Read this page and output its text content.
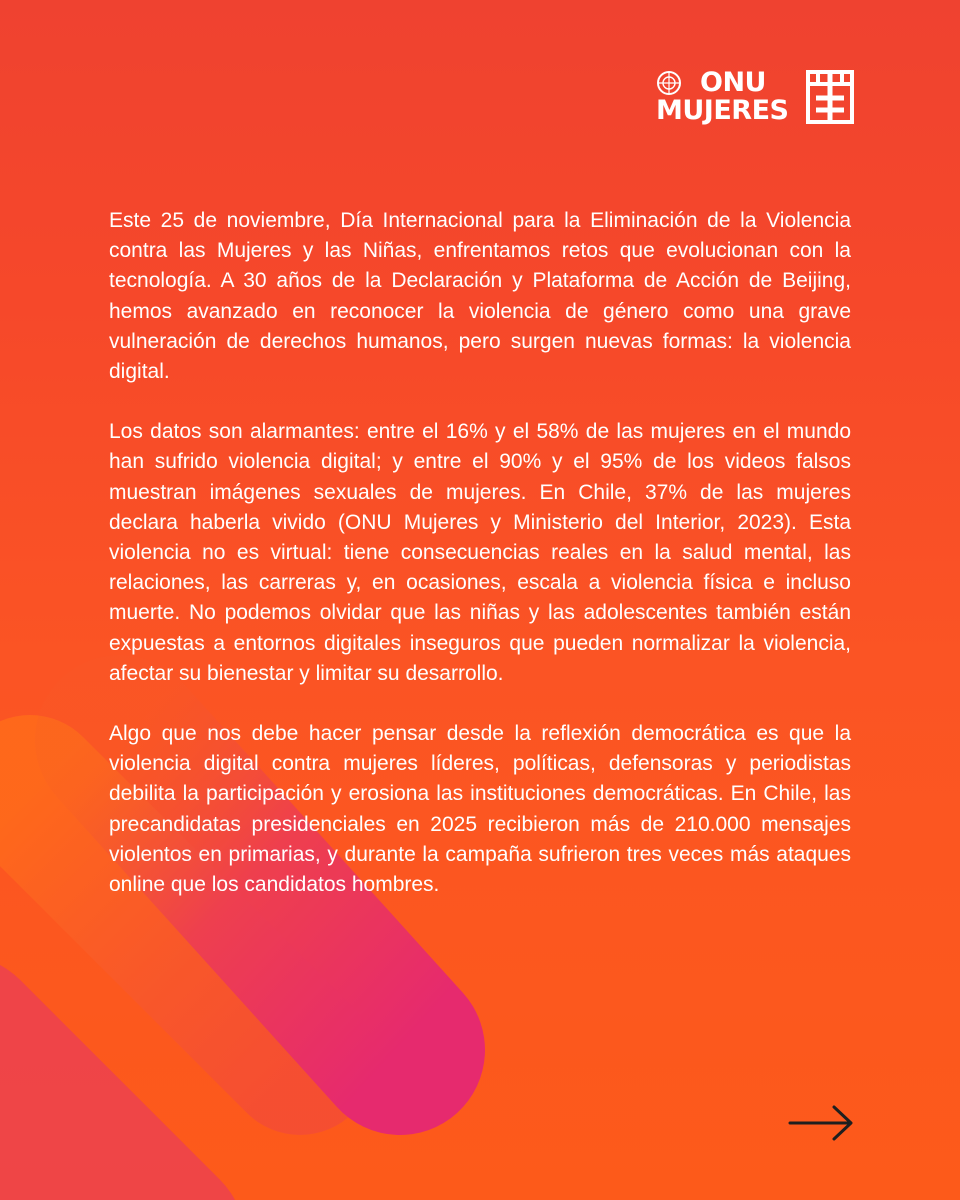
ONU
MUJERES

Este 25 de noviembre, Día Internacional para la Eliminación de la Violencia contra las Mujeres y las Niñas, enfrentamos retos que evolucionan con la tecnología. A 30 años de la Declaración y Plataforma de Acción de Beijing, hemos avanzado en reconocer la violencia de género como una grave vulneración de derechos humanos, pero surgen nuevas formas: la violencia digital.

Los datos son alarmantes: entre el 16% y el 58% de las mujeres en el mundo han sufrido violencia digital; y entre el 90% y el 95% de los videos falsos muestran imágenes sexuales de mujeres. En Chile, 37% de las mujeres declara haberla vivido (ONU Mujeres y Ministerio del Interior, 2023). Esta violencia no es virtual: tiene consecuencias reales en la salud mental, las relaciones, las carreras y, en ocasiones, escala a violencia física e incluso muerte. No podemos olvidar que las niñas y las adolescentes también están expuestas a entornos digitales inseguros que pueden normalizar la violencia, afectar su bienestar y limitar su desarrollo.

Algo que nos debe hacer pensar desde la reflexión democrática es que la violencia digital contra mujeres líderes, políticas, defensoras y periodistas debilita la participación y erosiona las instituciones democráticas. En Chile, las precandidatas presidenciales en 2025 recibieron más de 210.000 mensajes violentos en primarias, y durante la campaña sufrieron tres veces más ataques online que los candidatos hombres.
